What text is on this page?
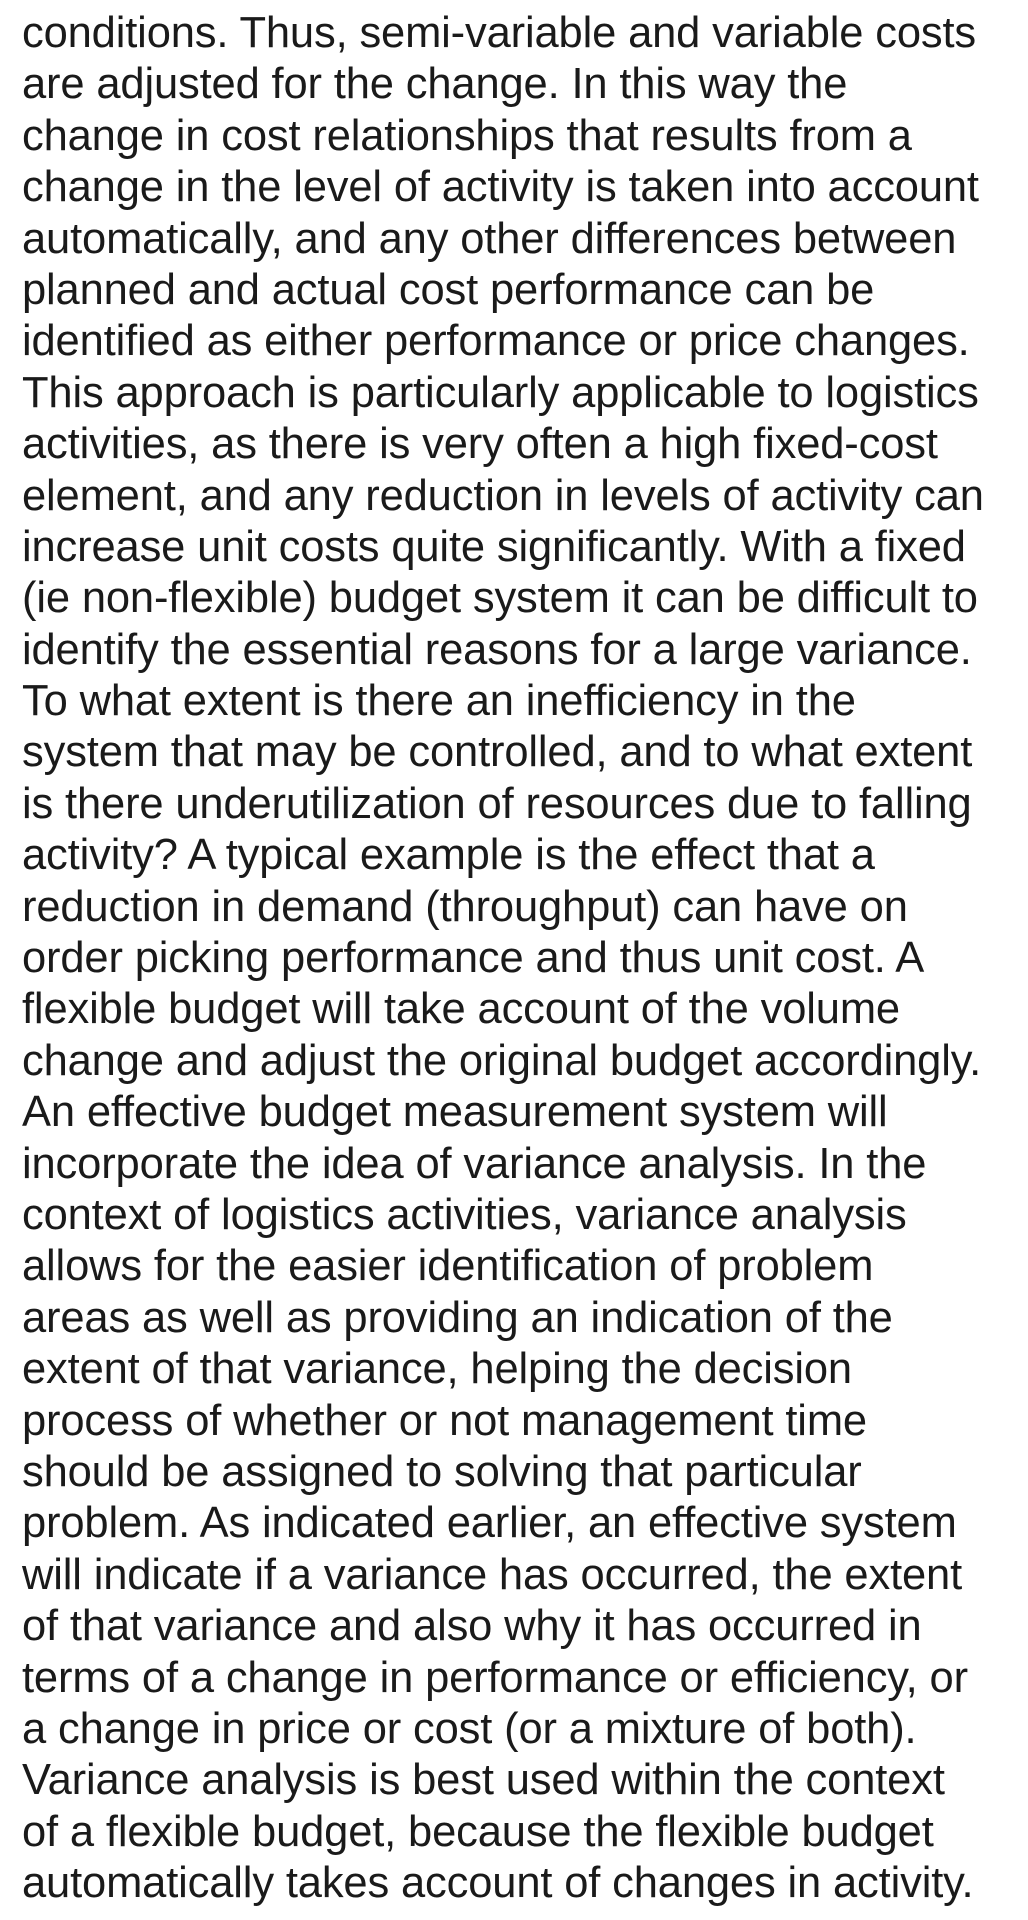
conditions. Thus, semi-variable and variable costs
are adjusted for the change. In this way the
change in cost relationships that results from a
change in the level of activity is taken into account
automatically, and any other differences between
planned and actual cost performance can be
identified as either performance or price changes.
This approach is particularly applicable to logistics
activities, as there is very often a high fixed-cost
element, and any reduction in levels of activity can
increase unit costs quite significantly. With a fixed
(ie non-flexible) budget system it can be difficult to
identify the essential reasons for a large variance.
To what extent is there an inefficiency in the
system that may be controlled, and to what extent
is there underutilization of resources due to falling
activity? A typical example is the effect that a
reduction in demand (throughput) can have on
order picking performance and thus unit cost. A
flexible budget will take account of the volume
change and adjust the original budget accordingly.
An effective budget measurement system will
incorporate the idea of variance analysis. In the
context of logistics activities, variance analysis
allows for the easier identification of problem
areas as well as providing an indication of the
extent of that variance, helping the decision
process of whether or not management time
should be assigned to solving that particular
problem. As indicated earlier, an effective system
will indicate if a variance has occurred, the extent
of that variance and also why it has occurred in
terms of a change in performance or efficiency, or
a change in price or cost (or a mixture of both).
Variance analysis is best used within the context
of a flexible budget, because the flexible budget
automatically takes account of changes in activity.
